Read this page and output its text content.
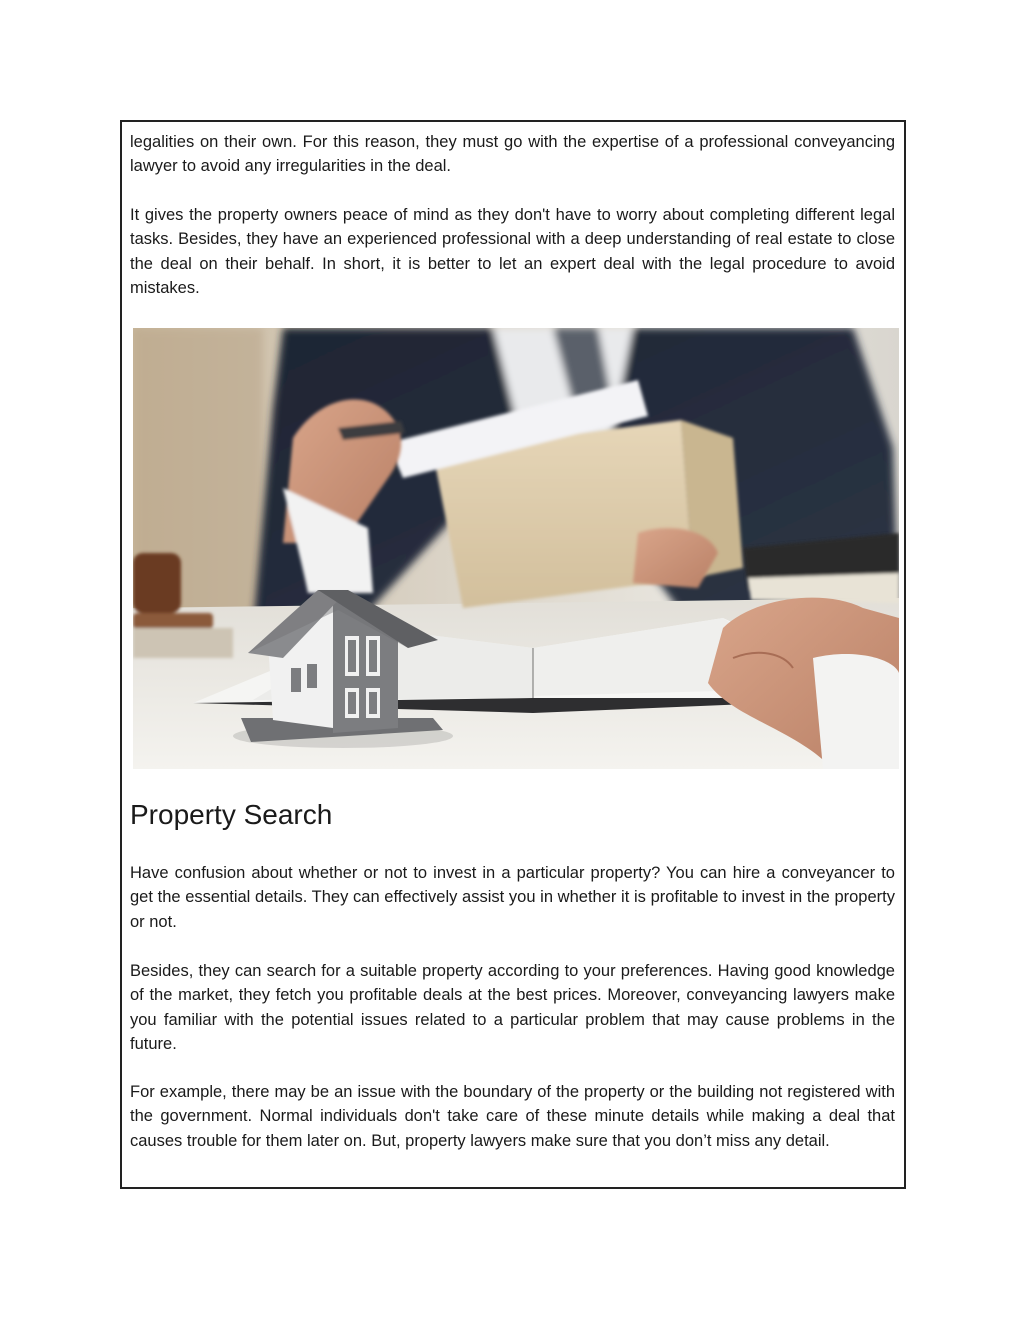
legalities on their own. For this reason, they must go with the expertise of a professional conveyancing lawyer to avoid any irregularities in the deal.

It gives the property owners peace of mind as they don't have to worry about completing different legal tasks. Besides, they have an experienced professional with a deep understanding of real estate to close the deal on their behalf. In short, it is better to let an expert deal with the legal procedure to avoid mistakes.

Property Search

Have confusion about whether or not to invest in a particular property? You can hire a conveyancer to get the essential details. They can effectively assist you in whether it is profitable to invest in the property or not.

Besides, they can search for a suitable property according to your preferences. Having good knowledge of the market, they fetch you profitable deals at the best prices. Moreover, conveyancing lawyers make you familiar with the potential issues related to a particular problem that may cause problems in the future.

For example, there may be an issue with the boundary of the property or the building not registered with the government. Normal individuals don't take care of these minute details while making a deal that causes trouble for them later on. But, property lawyers make sure that you don’t miss any detail.
